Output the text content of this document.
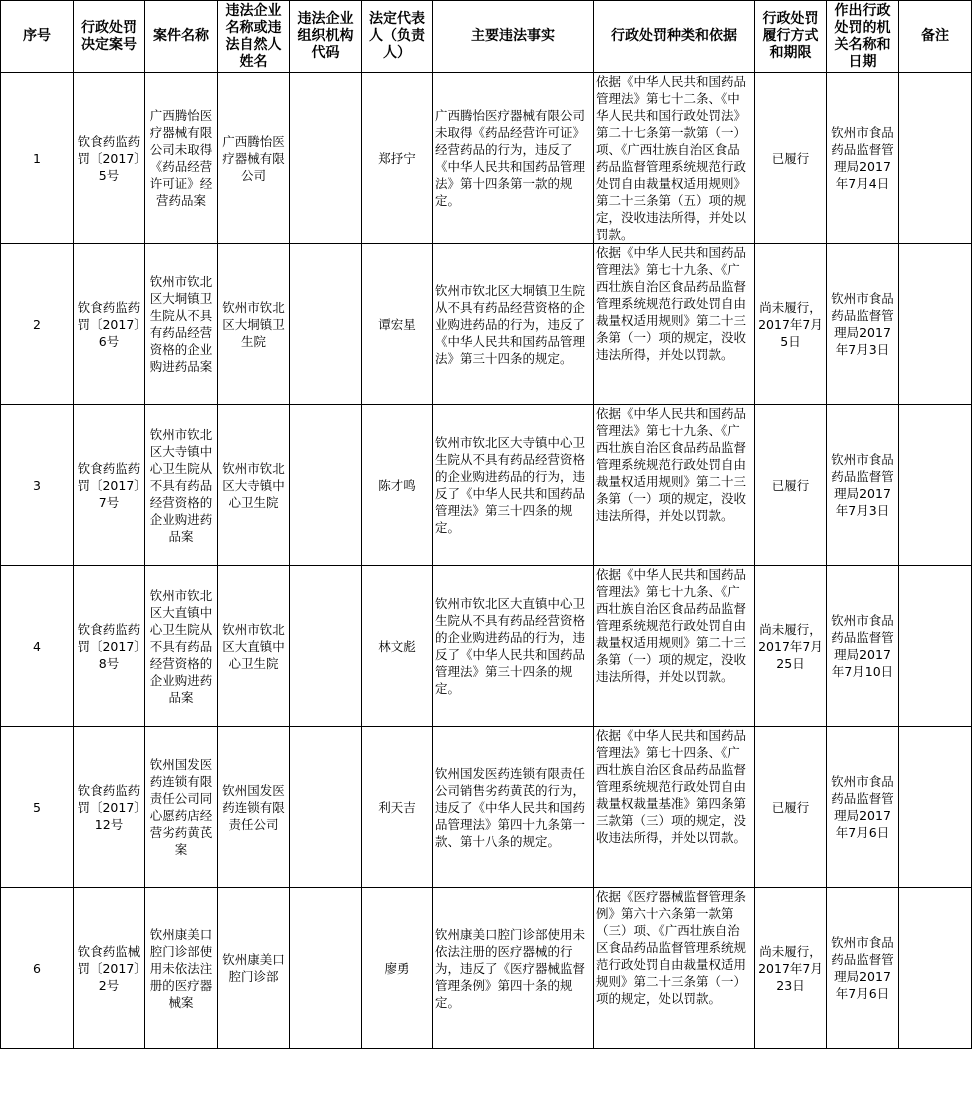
序号	行政处罚决定案号	案件名称	违法企业名称或违法自然人姓名	违法企业组织机构代码	法定代表人（负责人）	主要违法事实	行政处罚种类和依据	行政处罚履行方式和期限	作出行政处罚的机关名称和日期	备注
1	钦食药监药罚〔2017〕5号	广西腾怡医疗器械有限公司未取得《药品经营许可证》经营药品案	广西腾怡医疗器械有限公司		郑抒宁	广西腾怡医疗器械有限公司未取得《药品经营许可证》经营药品的行为，违反了《中华人民共和国药品管理法》第十四条第一款的规定。	依据《中华人民共和国药品管理法》第七十二条、《中华人民共和国行政处罚法》第二十七条第一款第（一）项、《广西壮族自治区食品药品监督管理系统规范行政处罚自由裁量权适用规则》第二十三条第（五）项的规定，没收违法所得，并处以罚款。	已履行	钦州市食品药品监督管理局2017年7月4日	
2	钦食药监药罚〔2017〕6号	钦州市钦北区大垌镇卫生院从不具有药品经营资格的企业购进药品案	钦州市钦北区大垌镇卫生院		谭宏星	钦州市钦北区大垌镇卫生院从不具有药品经营资格的企业购进药品的行为，违反了《中华人民共和国药品管理法》第三十四条的规定。	依据《中华人民共和国药品管理法》第七十九条、《广西壮族自治区食品药品监督管理系统规范行政处罚自由裁量权适用规则》第二十三条第（一）项的规定，没收违法所得，并处以罚款。	尚未履行，2017年7月5日	钦州市食品药品监督管理局2017年7月3日	
3	钦食药监药罚〔2017〕7号	钦州市钦北区大寺镇中心卫生院从不具有药品经营资格的企业购进药品案	钦州市钦北区大寺镇中心卫生院		陈才鸣	钦州市钦北区大寺镇中心卫生院从不具有药品经营资格的企业购进药品的行为，违反了《中华人民共和国药品管理法》第三十四条的规定。	依据《中华人民共和国药品管理法》第七十九条、《广西壮族自治区食品药品监督管理系统规范行政处罚自由裁量权适用规则》第二十三条第（一）项的规定，没收违法所得，并处以罚款。	已履行	钦州市食品药品监督管理局2017年7月3日	
4	钦食药监药罚〔2017〕8号	钦州市钦北区大直镇中心卫生院从不具有药品经营资格的企业购进药品案	钦州市钦北区大直镇中心卫生院		林文彪	钦州市钦北区大直镇中心卫生院从不具有药品经营资格的企业购进药品的行为，违反了《中华人民共和国药品管理法》第三十四条的规定。	依据《中华人民共和国药品管理法》第七十九条、《广西壮族自治区食品药品监督管理系统规范行政处罚自由裁量权适用规则》第二十三条第（一）项的规定，没收违法所得，并处以罚款。	尚未履行，2017年7月25日	钦州市食品药品监督管理局2017年7月10日	
5	钦食药监药罚〔2017〕12号	钦州国发医药连锁有限责任公司同心愿药店经营劣药黄芪案	钦州国发医药连锁有限责任公司		利天吉	钦州国发医药连锁有限责任公司销售劣药黄芪的行为，违反了《中华人民共和国药品管理法》第四十九条第一款、第十八条的规定。	依据《中华人民共和国药品管理法》第七十四条、《广西壮族自治区食品药品监督管理系统规范行政处罚自由裁量权裁量基准》第四条第三款第（三）项的规定，没收违法所得，并处以罚款。	已履行	钦州市食品药品监督管理局2017年7月6日	
6	钦食药监械罚〔2017〕2号	钦州康美口腔门诊部使用未依法注册的医疗器械案	钦州康美口腔门诊部		廖勇	钦州康美口腔门诊部使用未依法注册的医疗器械的行为，违反了《医疗器械监督管理条例》第四十条的规定。	依据《医疗器械监督管理条例》第六十六条第一款第（三）项、《广西壮族自治区食品药品监督管理系统规范行政处罚自由裁量权适用规则》第二十三条第（一）项的规定，处以罚款。	尚未履行，2017年7月23日	钦州市食品药品监督管理局2017年7月6日	
